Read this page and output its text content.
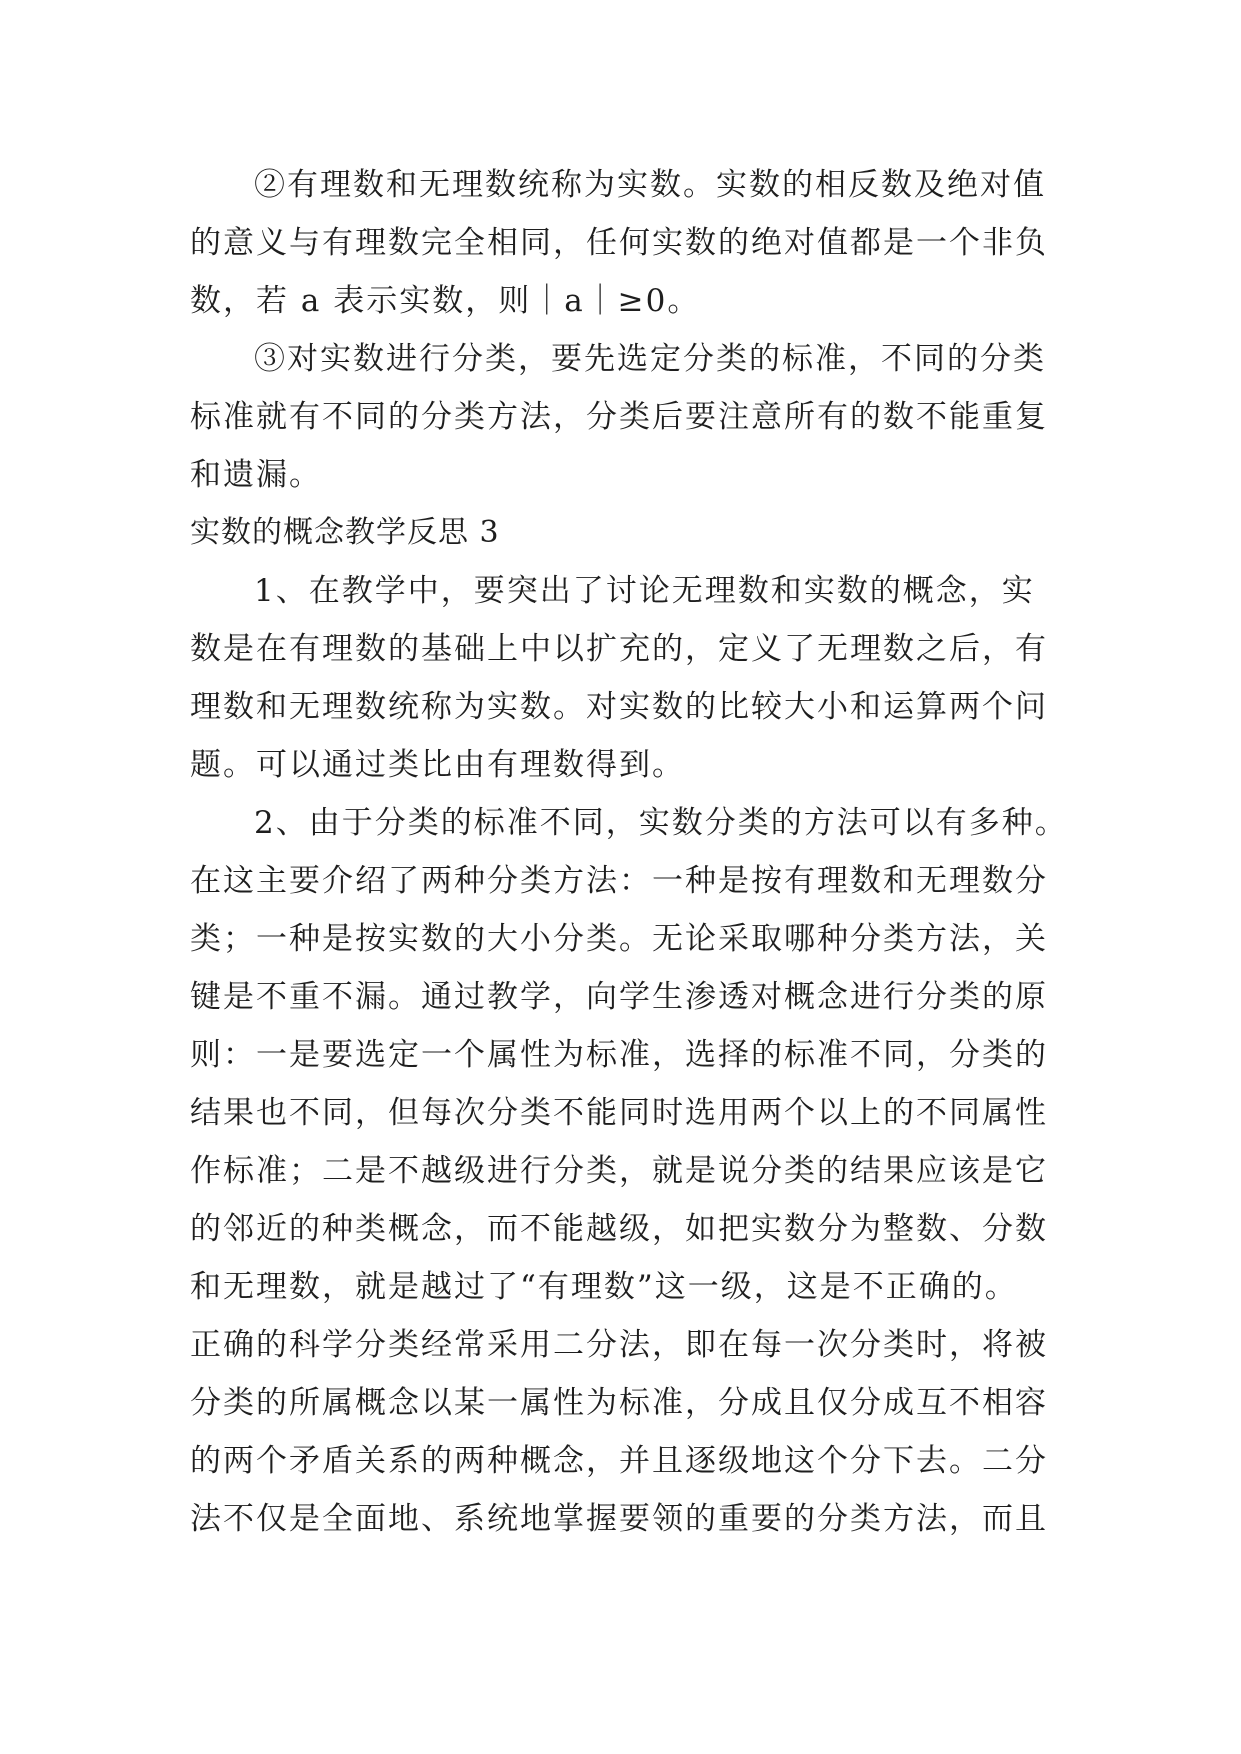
②有理数和无理数统称为实数。实数的相反数及绝对值
的意义与有理数完全相同，任何实数的绝对值都是一个非负
数，若 a 表示实数，则｜a｜≥0。
③对实数进行分类，要先选定分类的标准，不同的分类
标准就有不同的分类方法，分类后要注意所有的数不能重复
和遗漏。
实数的概念教学反思 3
1、在教学中，要突出了讨论无理数和实数的概念，实
数是在有理数的基础上中以扩充的，定义了无理数之后，有
理数和无理数统称为实数。对实数的比较大小和运算两个问
题。可以通过类比由有理数得到。
2、由于分类的标准不同，实数分类的方法可以有多种。
在这主要介绍了两种分类方法：一种是按有理数和无理数分
类；一种是按实数的大小分类。无论采取哪种分类方法，关
键是不重不漏。通过教学，向学生渗透对概念进行分类的原
则：一是要选定一个属性为标准，选择的标准不同，分类的
结果也不同，但每次分类不能同时选用两个以上的不同属性
作标准；二是不越级进行分类，就是说分类的结果应该是它
的邻近的种类概念，而不能越级，如把实数分为整数、分数
和无理数，就是越过了“有理数”这一级，这是不正确的。
正确的科学分类经常采用二分法，即在每一次分类时，将被
分类的所属概念以某一属性为标准，分成且仅分成互不相容
的两个矛盾关系的两种概念，并且逐级地这个分下去。二分
法不仅是全面地、系统地掌握要领的重要的分类方法，而且
